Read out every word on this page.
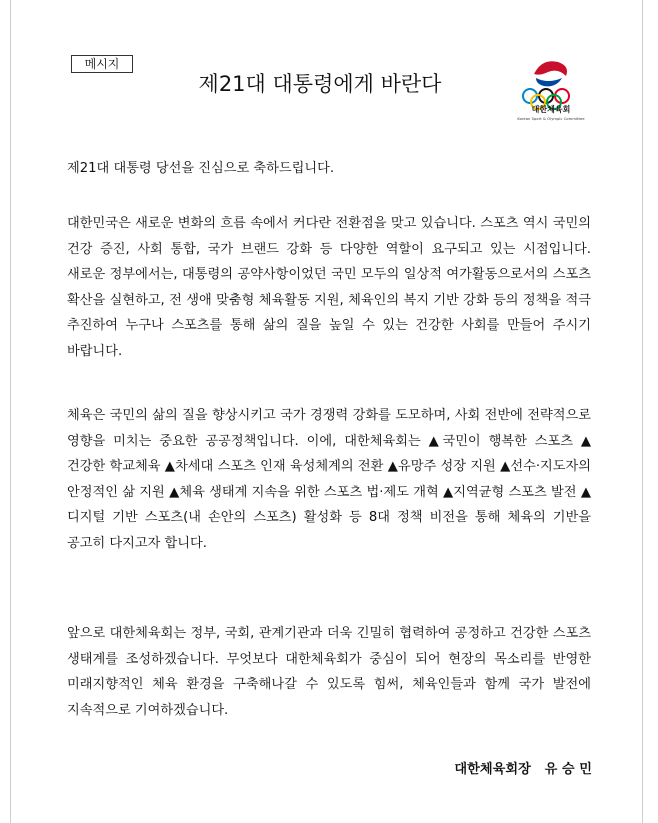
메시지
제21대 대통령에게 바란다
대한체육회
Korean Sport & Olympic Committee
제21대 대통령 당선을 진심으로 축하드립니다.

대한민국은 새로운 변화의 흐름 속에서 커다란 전환점을 맞고 있습니다. 스포츠 역시 국민의 건강 증진, 사회 통합, 국가 브랜드 강화 등 다양한 역할이 요구되고 있는 시점입니다. 새로운 정부에서는, 대통령의 공약사항이었던 국민 모두의 일상적 여가활동으로서의 스포츠 확산을 실현하고, 전 생애 맞춤형 체육활동 지원, 체육인의 복지 기반 강화 등의 정책을 적극 추진하여 누구나 스포츠를 통해 삶의 질을 높일 수 있는 건강한 사회를 만들어 주시기 바랍니다.

체육은 국민의 삶의 질을 향상시키고 국가 경쟁력 강화를 도모하며, 사회 전반에 전략적으로 영향을 미치는 중요한 공공정책입니다. 이에, 대한체육회는 ▲국민이 행복한 스포츠 ▲건강한 학교체육 ▲차세대 스포츠 인재 육성체계의 전환 ▲유망주 성장 지원 ▲선수·지도자의 안정적인 삶 지원 ▲체육 생태계 지속을 위한 스포츠 법·제도 개혁 ▲지역균형 스포츠 발전 ▲디지털 기반 스포츠(내 손안의 스포츠) 활성화 등 8대 정책 비전을 통해 체육의 기반을 공고히 다지고자 합니다.

앞으로 대한체육회는 정부, 국회, 관계기관과 더욱 긴밀히 협력하여 공정하고 건강한 스포츠 생태계를 조성하겠습니다. 무엇보다 대한체육회가 중심이 되어 현장의 목소리를 반영한 미래지향적인 체육 환경을 구축해나갈 수 있도록 힘써, 체육인들과 함께 국가 발전에 지속적으로 기여하겠습니다.

대한체육회장   유 승 민
